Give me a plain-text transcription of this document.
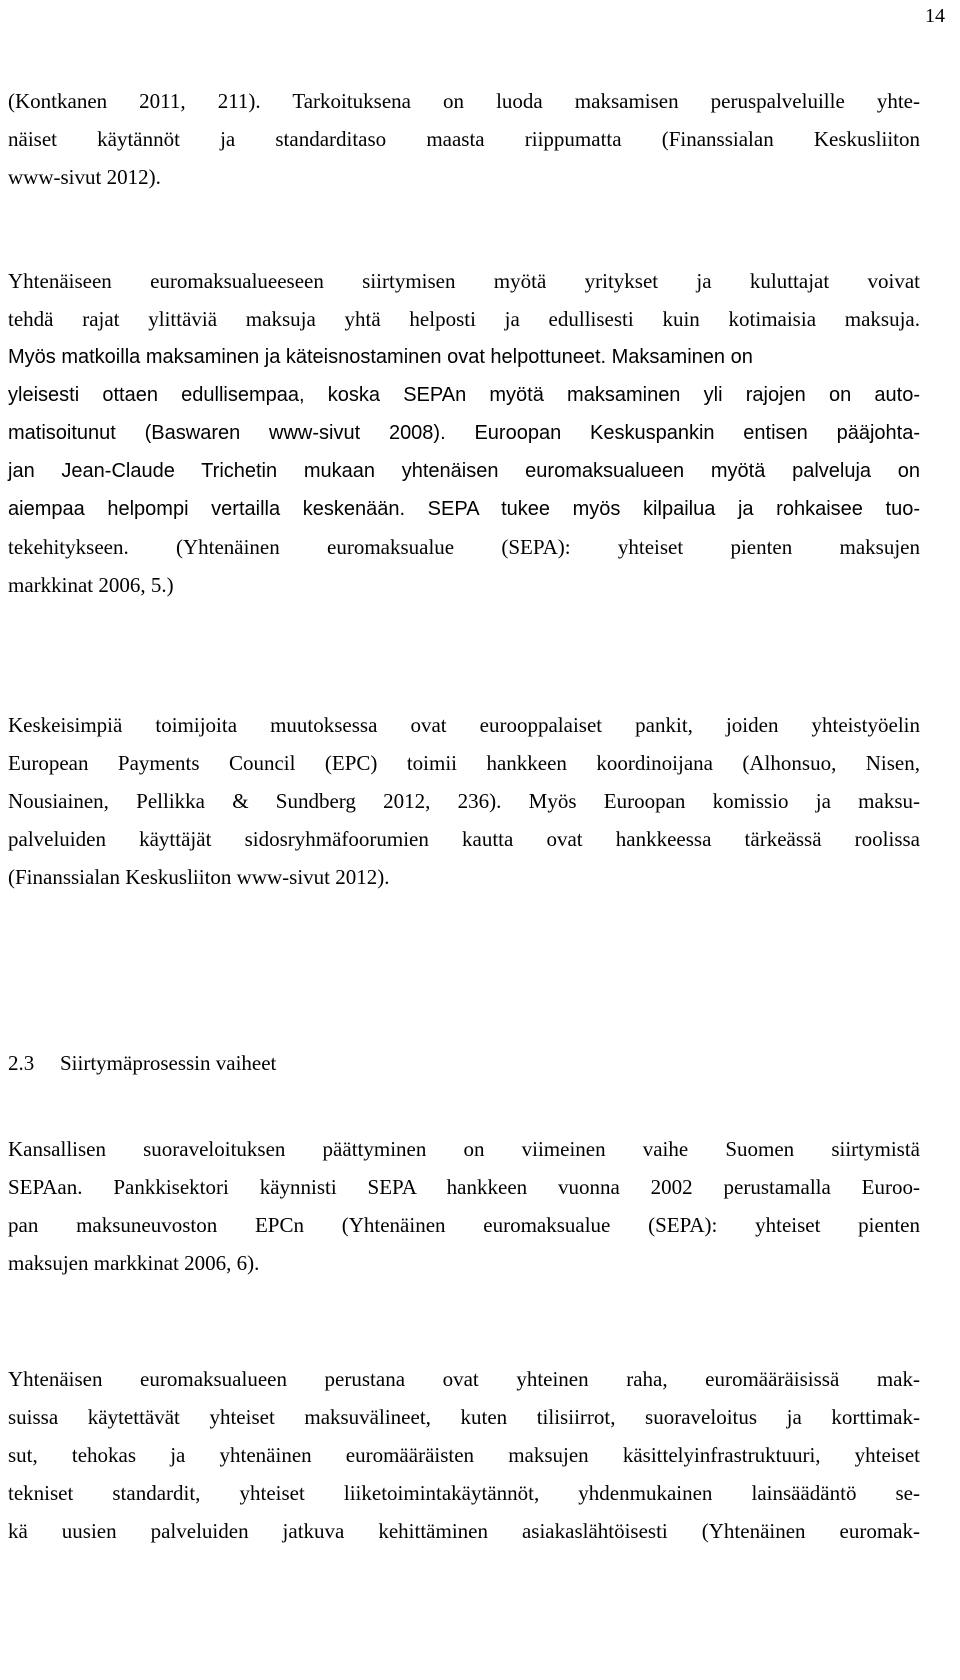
14
(Kontkanen 2011, 211). Tarkoituksena on luoda maksamisen peruspalveluille yhte-
näiset käytännöt ja standarditaso maasta riippumatta (Finanssialan Keskusliiton
www-sivut 2012).
Yhtenäiseen euromaksualueeseen siirtymisen myötä yritykset ja kuluttajat voivat
tehdä rajat ylittäviä maksuja yhtä helposti ja edullisesti kuin kotimaisia maksuja.
Myös matkoilla maksaminen ja käteisnostaminen ovat helpottuneet. Maksaminen on
yleisesti ottaen edullisempaa, koska SEPAn myötä maksaminen yli rajojen on auto-
matisoitunut (Baswaren www-sivut 2008). Euroopan Keskuspankin entisen pääjohta-
jan Jean-Claude Trichetin mukaan yhtenäisen euromaksualueen myötä palveluja on
aiempaa helpompi vertailla keskenään. SEPA tukee myös kilpailua ja rohkaisee tuo-
tekehitykseen. (Yhtenäinen euromaksualue (SEPA): yhteiset pienten maksujen
markkinat 2006, 5.)
Keskeisimpiä toimijoita muutoksessa ovat eurooppalaiset pankit, joiden yhteistyöelin
European Payments Council (EPC) toimii hankkeen koordinoijana (Alhonsuo, Nisen,
Nousiainen, Pellikka & Sundberg 2012, 236). Myös Euroopan komissio ja maksu-
palveluiden käyttäjät sidosryhmäfoorumien kautta ovat hankkeessa tärkeässä roolissa
(Finanssialan Keskusliiton www-sivut 2012).
2.3 Siirtymäprosessin vaiheet
Kansallisen suoraveloituksen päättyminen on viimeinen vaihe Suomen siirtymistä
SEPAan. Pankkisektori käynnisti SEPA hankkeen vuonna 2002 perustamalla Euroo-
pan maksuneuvoston EPCn (Yhtenäinen euromaksualue (SEPA): yhteiset pienten
maksujen markkinat 2006, 6).
Yhtenäisen euromaksualueen perustana ovat yhteinen raha, euromääräisissä mak-
suissa käytettävät yhteiset maksuvälineet, kuten tilisiirrot, suoraveloitus ja korttimak-
sut, tehokas ja yhtenäinen euromääräisten maksujen käsittelyinfrastruktuuri, yhteiset
tekniset standardit, yhteiset liiketoimintakäytännöt, yhdenmukainen lainsäädäntö se-
kä uusien palveluiden jatkuva kehittäminen asiakaslähtöisesti (Yhtenäinen euromak-
